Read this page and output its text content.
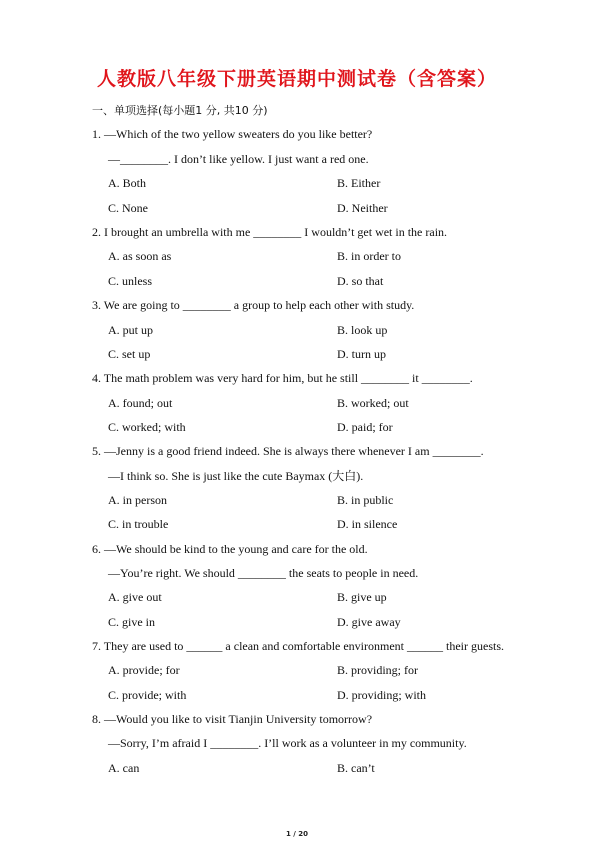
人教版八年级下册英语期中测试卷（含答案）
一、单项选择(每小题1 分, 共10 分)
1. —Which of the two yellow sweaters do you like better?
—________. I don’t like yellow. I just want a red one.
A. Both	B. Either
C. None	D. Neither
2. I brought an umbrella with me ________ I wouldn’t get wet in the rain.
A. as soon as	B. in order to
C. unless	D. so that
3. We are going to ________ a group to help each other with study.
A. put up	B. look up
C. set up	D. turn up
4. The math problem was very hard for him, but he still ________ it ________.
A. found; out	B. worked; out
C. worked; with	D. paid; for
5. —Jenny is a good friend indeed. She is always there whenever I am ________.
—I think so. She is just like the cute Baymax (大白).
A. in person	B. in public
C. in trouble	D. in silence
6. —We should be kind to the young and care for the old.
—You’re right. We should ________ the seats to people in need.
A. give out	B. give up
C. give in	D. give away
7. They are used to ______ a clean and comfortable environment ______ their guests.
A. provide; for	B. providing; for
C. provide; with	D. providing; with
8. —Would you like to visit Tianjin University tomorrow?
—Sorry, I’m afraid I ________. I’ll work as a volunteer in my community.
A. can	B. can’t
1 / 20
